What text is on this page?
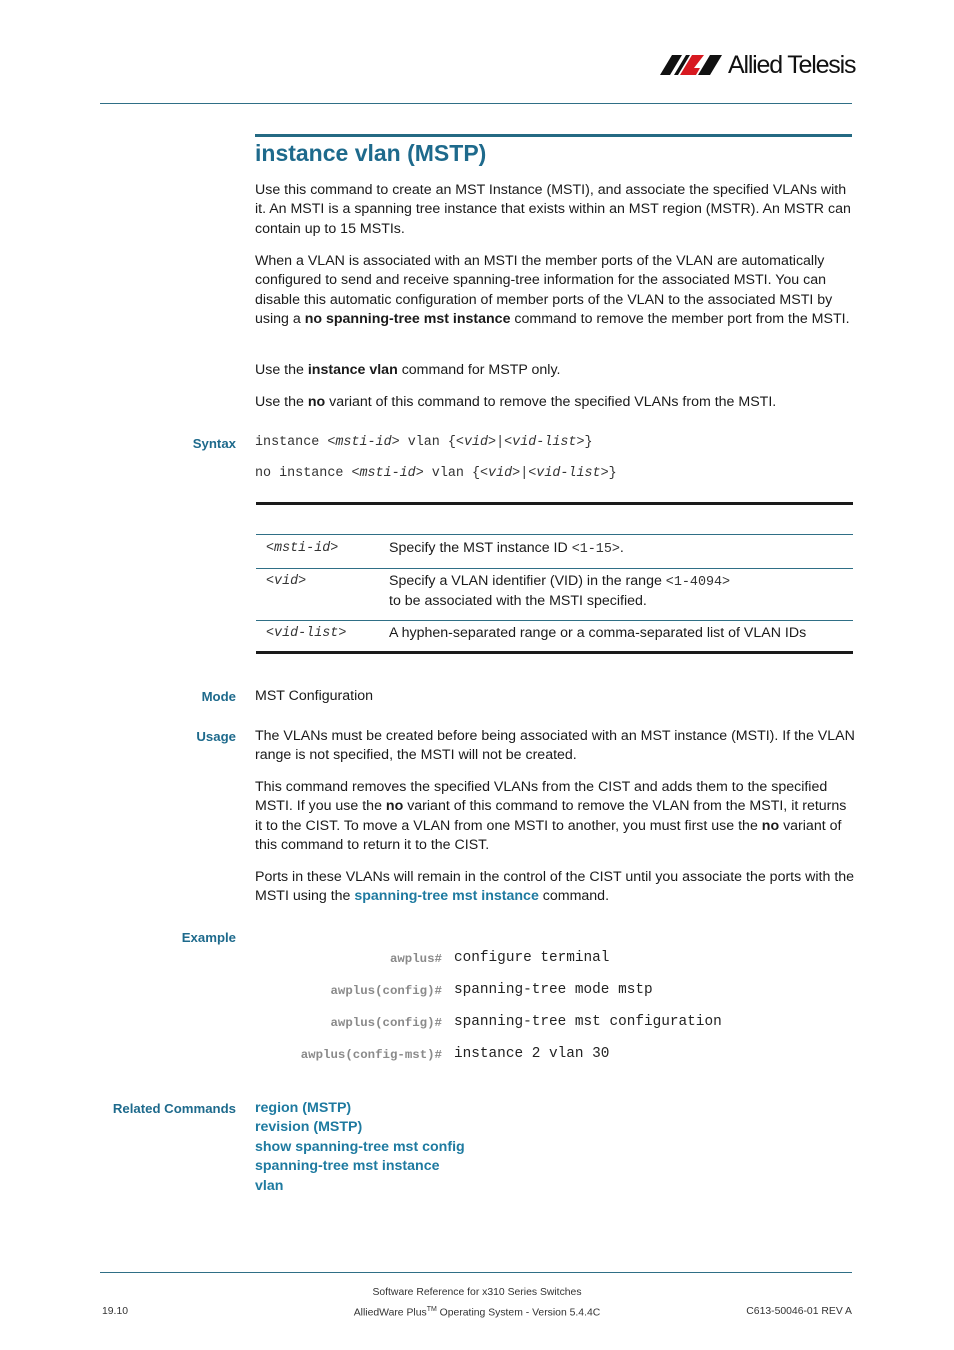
Allied Telesis
instance vlan (MSTP)
Use this command to create an MST Instance (MSTI), and associate the specified VLANs with it. An MSTI is a spanning tree instance that exists within an MST region (MSTR). An MSTR can contain up to 15 MSTIs.
When a VLAN is associated with an MSTI the member ports of the VLAN are automatically configured to send and receive spanning-tree information for the associated MSTI. You can disable this automatic configuration of member ports of the VLAN to the associated MSTI by using a no spanning-tree mst instance command to remove the member port from the MSTI.
Use the instance vlan command for MSTP only.
Use the no variant of this command to remove the specified VLANs from the MSTI.
Syntax instance <msti-id> vlan {<vid>|<vid-list>}
no instance <msti-id> vlan {<vid>|<vid-list>}
<msti-id>	Specify the MST instance ID <1-15>.
<vid>	Specify a VLAN identifier (VID) in the range <1-4094>
to be associated with the MSTI specified.
<vid-list>	A hyphen-separated range or a comma-separated list of VLAN IDs
Mode MST Configuration
Usage The VLANs must be created before being associated with an MST instance (MSTI). If the VLAN range is not specified, the MSTI will not be created.
This command removes the specified VLANs from the CIST and adds them to the specified MSTI. If you use the no variant of this command to remove the VLAN from the MSTI, it returns it to the CIST. To move a VLAN from one MSTI to another, you must first use the no variant of this command to return it to the CIST.
Ports in these VLANs will remain in the control of the CIST until you associate the ports with the MSTI using the spanning-tree mst instance command.
Example
awplus# configure terminal
awplus(config)# spanning-tree mode mstp
awplus(config)# spanning-tree mst configuration
awplus(config-mst)# instance 2 vlan 30
Related Commands region (MSTP)
revision (MSTP)
show spanning-tree mst config
spanning-tree mst instance
vlan
Software Reference for x310 Series Switches
AlliedWare Plus™ Operating System - Version 5.4.4C
19.10	C613-50046-01 REV A
